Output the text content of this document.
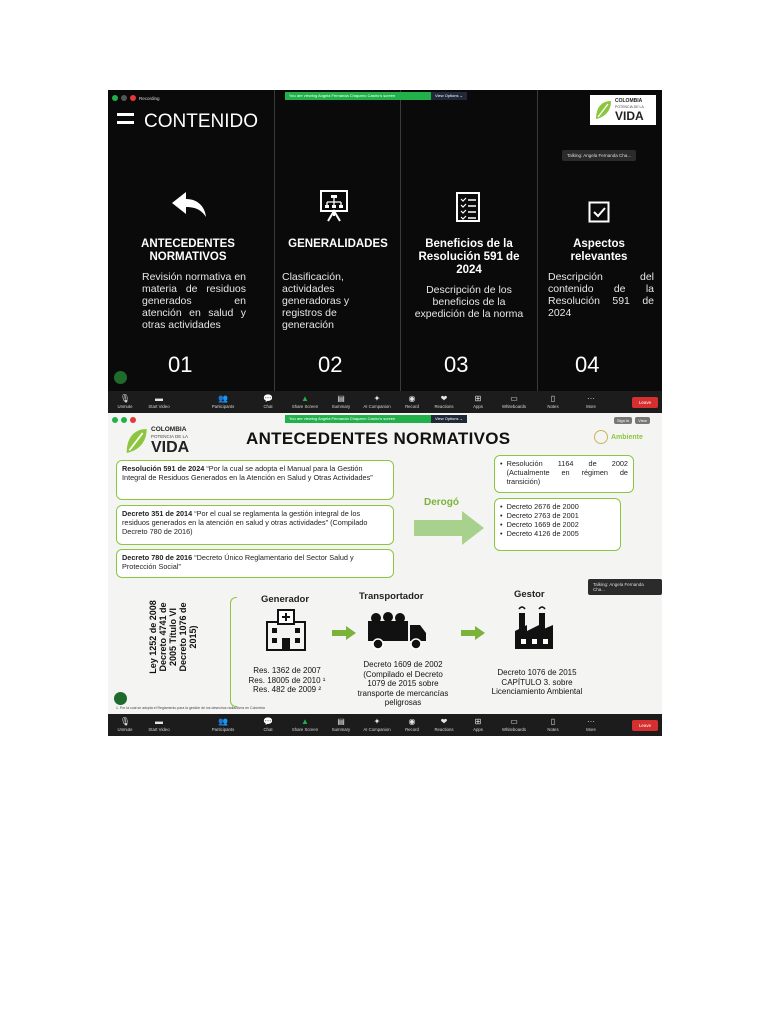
Recording	You are viewing Angela Fernanda Chaparro Castro's screen	View Options ⌄
CONTENIDO
ANTECEDENTES NORMATIVOS
Revisión normativa en materia de residuos generados en atención en salud y otras actividades
01
GENERALIDADES
Clasificación, actividades generadoras y registros de generación
02
Beneficios de la Resolución 591 de 2024
Descripción de los beneficios de la expedición de la norma
03
COLOMBIA
POTENCIA DE LA
VIDA
Talking: Angela Fernanda Cha...
Aspectos relevantes
Descripción del contenido de la Resolución 591 de 2024
04
🎙
Unmute
▬
Start Video
👥
Participants
💬
Chat
▲
Share Screen
▤
Summary
✦
AI Companion
◉
Record
❤
Reactions
⊞
Apps
▭
Whiteboards
▯
Notes
···
More
Leave
You are viewing Angela Fernanda Chaparro Castro's screen	View Options ⌄
COLOMBIA
POTENCIA DE LA
VIDA	ANTECEDENTES NORMATIVOS	Ambiente
Sign in	View
Resolución 591 de 2024 “Por la cual se adopta el Manual para la Gestión Integral de Residuos Generados en la Atención en Salud y Otras Actividades”
Decreto 351 de 2014 “Por el cual se reglamenta la gestión integral de los residuos generados en la atención en salud y otras actividades” (Compilado Decreto 780 de 2016)
Decreto 780 de 2016 “Decreto Único Reglamentario del Sector Salud y Protección Social”
Derogó
• Resolución 1164 de 2002 (Actualmente en régimen de transición)
• Decreto 2676 de 2000
• Decreto 2763 de 2001
• Decreto 1669 de 2002
• Decreto 4126 de 2005
Talking: Angela Fernanda Cha...
Ley 1252 de 2008 Decreto 4741 de 2005 Título VI Decreto 1076 de 2015)
Generador
Res. 1362 de 2007
Res. 18005 de 2010 ¹
Res. 482 de 2009 ²
Transportador
Decreto 1609 de 2002 (Compilado el Decreto 1079 de 2015 sobre transporte de mercancías peligrosas
Gestor
Decreto 1076 de 2015 CAPÍTULO 3. sobre Licenciamiento Ambiental
1. Por la cual se adopta el Reglamento para la gestión de los desechos radiactivos en Colombia
🎙
Unmute
▬
Start Video
👥
Participants
💬
Chat
▲
Share Screen
▤
Summary
✦
AI Companion
◉
Record
❤
Reactions
⊞
Apps
▭
Whiteboards
▯
Notes
···
More
Leave
